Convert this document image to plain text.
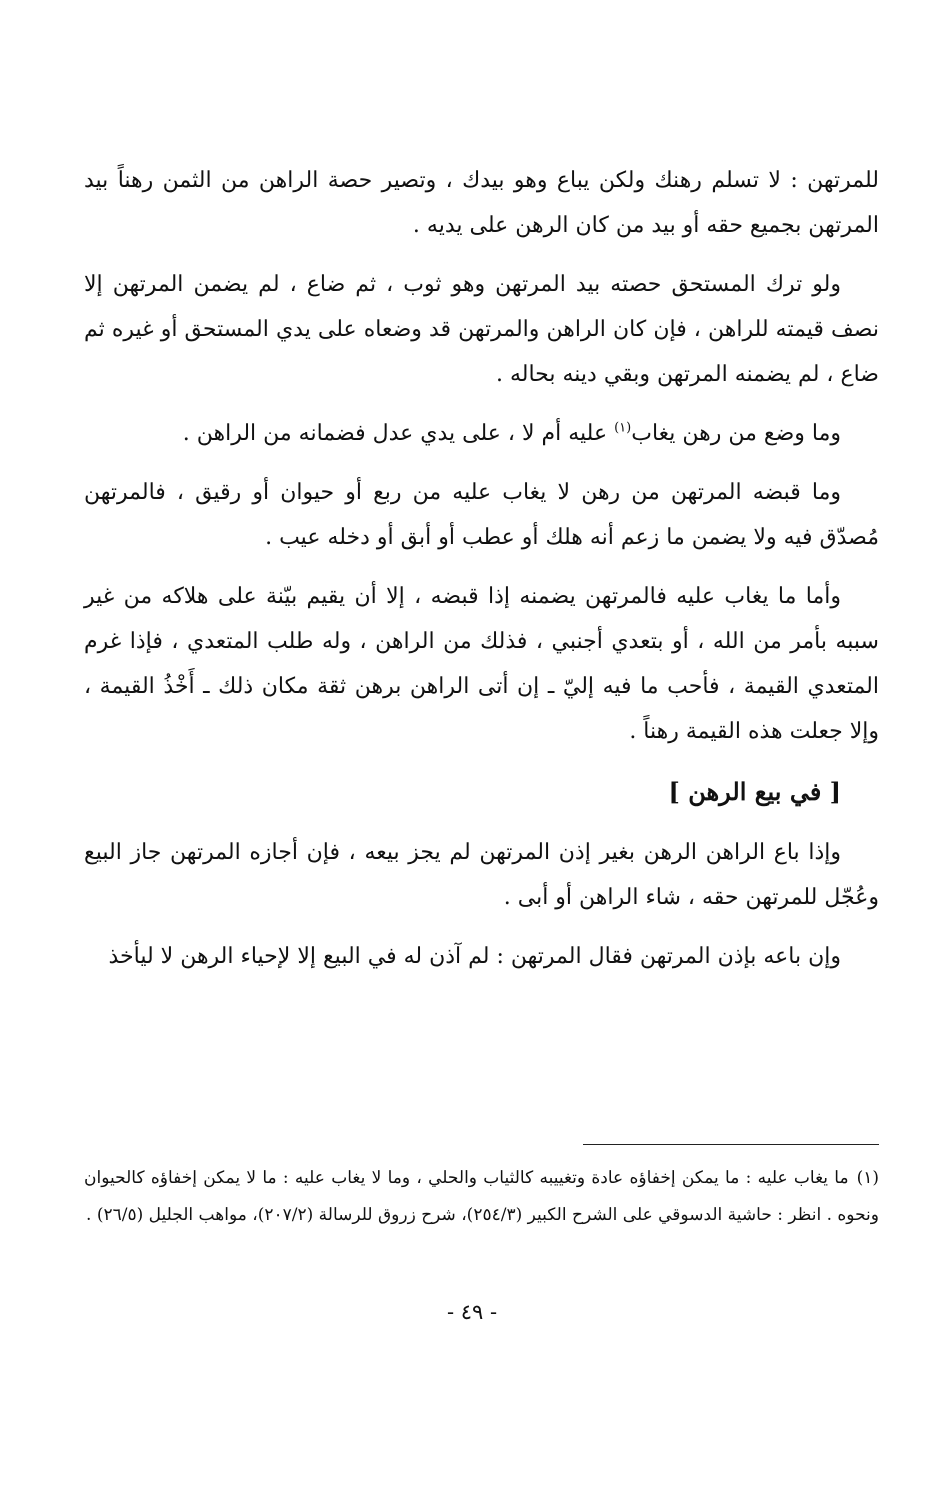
للمرتهن : لا تسلم رهنك ولكن يباع وهو بيدك ، وتصير حصة الراهن من الثمن رهناً بيد المرتهن بجميع حقه أو بيد من كان الرهن على يديه .

ولو ترك المستحق حصته بيد المرتهن وهو ثوب ، ثم ضاع ، لم يضمن المرتهن إلا نصف قيمته للراهن ، فإن كان الراهن والمرتهن قد وضعاه على يدي المستحق أو غيره ثم ضاع ، لم يضمنه المرتهن وبقي دينه بحاله .

وما وضع من رهن يغاب$^{(١)}$ عليه أم لا ، على يدي عدل فضمانه من الراهن .

وما قبضه المرتهن من رهن لا يغاب عليه من ربع أو حيوان أو رقيق ، فالمرتهن مُصدّق فيه ولا يضمن ما زعم أنه هلك أو عطب أو أبق أو دخله عيب .

وأما ما يغاب عليه فالمرتهن يضمنه إذا قبضه ، إلا أن يقيم بيّنة على هلاكه من غير سببه بأمر من الله ، أو بتعدي أجنبي ، فذلك من الراهن ، وله طلب المتعدي ، فإذا غرم المتعدي القيمة ، فأحب ما فيه إليّ ـ إن أتى الراهن برهن ثقة مكان ذلك ـ أَخْذُ القيمة ، وإلا جعلت هذه القيمة رهناً .

[ في بيع الرهن ]

وإذا باع الراهن الرهن بغير إذن المرتهن لم يجز بيعه ، فإن أجازه المرتهن جاز البيع وعُجّل للمرتهن حقه ، شاء الراهن أو أبى .

وإن باعه بإذن المرتهن فقال المرتهن : لم آذن له في البيع إلا لإحياء الرهن لا ليأخذ

(١)ما يغاب عليه : ما يمكن إخفاؤه عادة وتغييبه كالثياب والحلي ، وما لا يغاب عليه : ما لا يمكن إخفاؤه كالحيوان ونحوه . انظر : حاشية الدسوقي على الشرح الكبير (٢٥٤/٣)، شرح زروق للرسالة (٢٠٧/٢)، مواهب الجليل (٢٦/٥) .

- ٤٩ -
